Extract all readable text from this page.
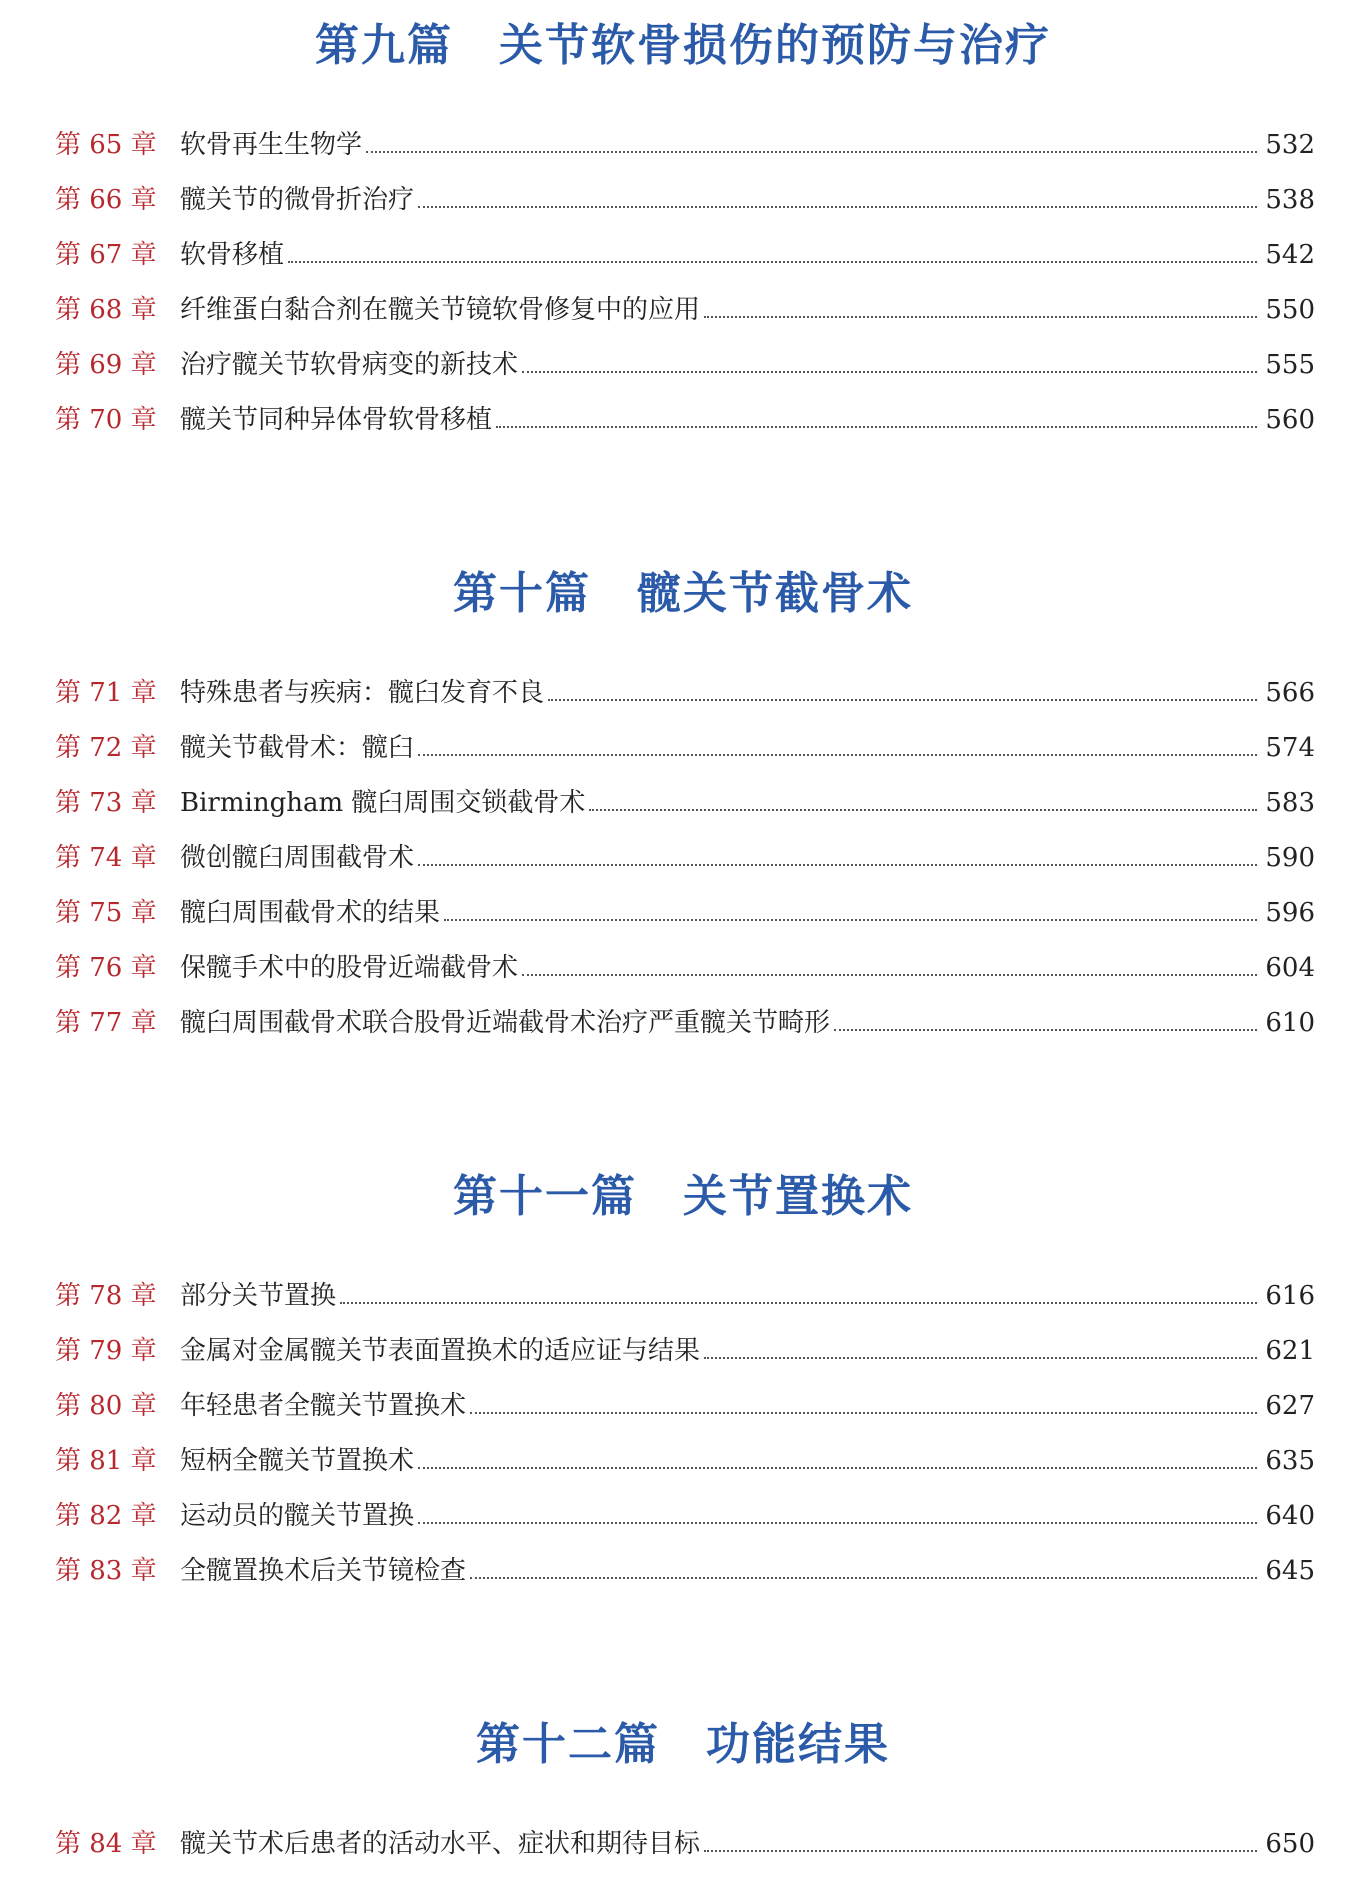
第九篇　关节软骨损伤的预防与治疗
第 65 章 软骨再生生物学	532
第 66 章 髋关节的微骨折治疗	538
第 67 章 软骨移植	542
第 68 章 纤维蛋白黏合剂在髋关节镜软骨修复中的应用	550
第 69 章 治疗髋关节软骨病变的新技术	555
第 70 章 髋关节同种异体骨软骨移植	560
第十篇　髋关节截骨术
第 71 章 特殊患者与疾病：髋臼发育不良	566
第 72 章 髋关节截骨术：髋臼	574
第 73 章 Birmingham 髋臼周围交锁截骨术	583
第 74 章 微创髋臼周围截骨术	590
第 75 章 髋臼周围截骨术的结果	596
第 76 章 保髋手术中的股骨近端截骨术	604
第 77 章 髋臼周围截骨术联合股骨近端截骨术治疗严重髋关节畸形	610
第十一篇　关节置换术
第 78 章 部分关节置换	616
第 79 章 金属对金属髋关节表面置换术的适应证与结果	621
第 80 章 年轻患者全髋关节置换术	627
第 81 章 短柄全髋关节置换术	635
第 82 章 运动员的髋关节置换	640
第 83 章 全髋置换术后关节镜检查	645
第十二篇　功能结果
第 84 章 髋关节术后患者的活动水平、症状和期待目标	650
